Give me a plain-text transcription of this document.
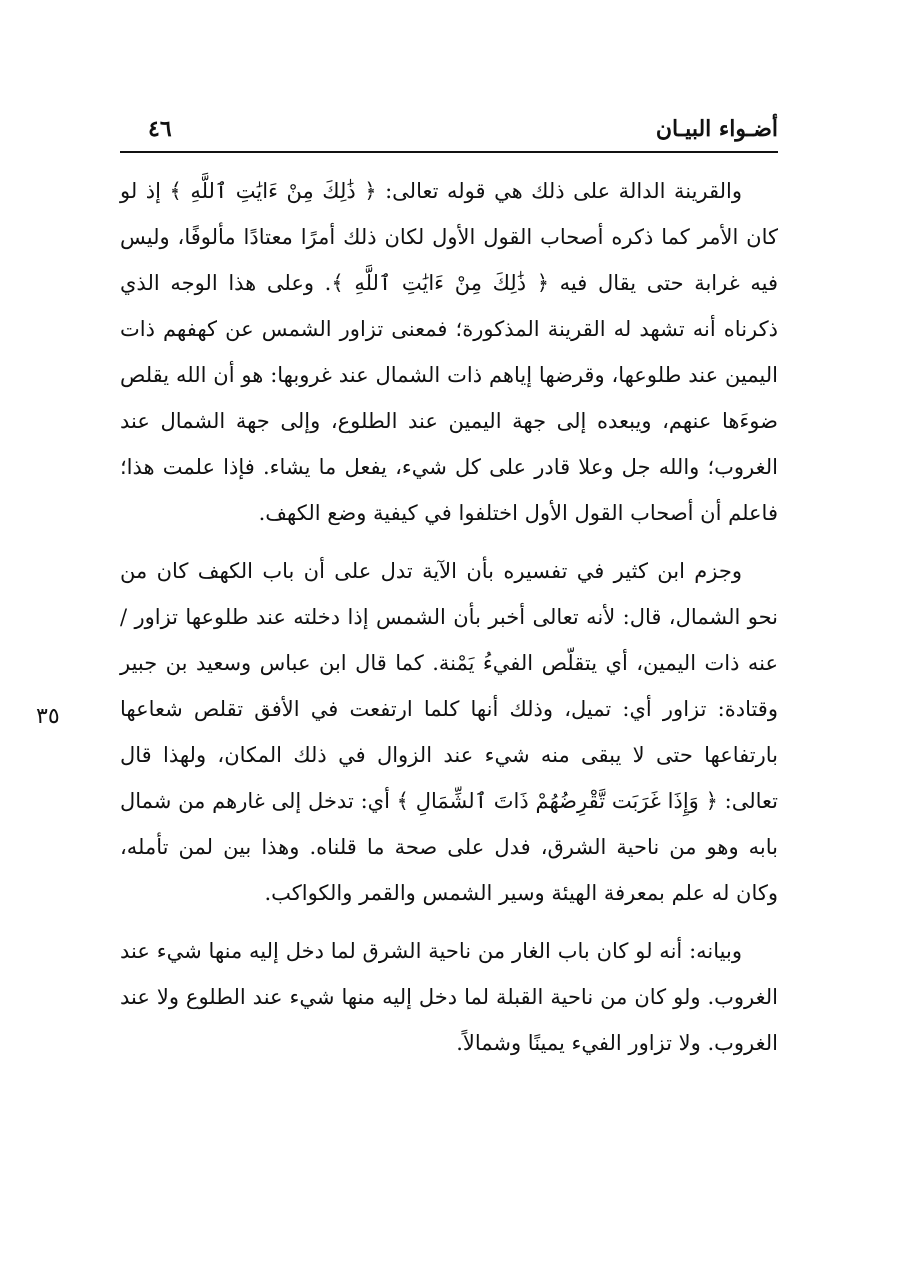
أضـواء البيـان
٤٦
٣٥

والقرينة الدالة على ذلك هي قوله تعالى: ﴿ ذَٰلِكَ مِنْ ءَايَٰتِ ٱللَّهِ ﴾ إذ لو كان الأمر كما ذكره أصحاب القول الأول لكان ذلك أمرًا معتادًا مألوفًا، وليس فيه غرابة حتى يقال فيه ﴿ ذَٰلِكَ مِنْ ءَايَٰتِ ٱللَّهِ ﴾. وعلى هذا الوجه الذي ذكرناه أنه تشهد له القرينة المذكورة؛ فمعنى تزاور الشمس عن كهفهم ذات اليمين عند طلوعها، وقرضها إياهم ذات الشمال عند غروبها: هو أن الله يقلص ضوءَها عنهم، ويبعده إلى جهة اليمين عند الطلوع، وإلى جهة الشمال عند الغروب؛ والله جل وعلا قادر على كل شيء، يفعل ما يشاء. فإذا علمت هذا؛ فاعلم أن أصحاب القول الأول اختلفوا في كيفية وضع الكهف.

وجزم ابن كثير في تفسيره بأن الآية تدل على أن باب الكهف كان من نحو الشمال، قال: لأنه تعالى أخبر بأن الشمس إذا دخلته عند طلوعها تزاور / عنه ذات اليمين، أي يتقلّص الفيءُ يَمْنة. كما قال ابن عباس وسعيد بن جبير وقتادة: تزاور أي: تميل، وذلك أنها كلما ارتفعت في الأفق تقلص شعاعها بارتفاعها حتى لا يبقى منه شيء عند الزوال في ذلك المكان، ولهذا قال تعالى: ﴿ وَإِذَا غَرَبَت تَّقْرِضُهُمْ ذَاتَ ٱلشِّمَالِ ﴾ أي: تدخل إلى غارهم من شمال بابه وهو من ناحية الشرق، فدل على صحة ما قلناه. وهذا بين لمن تأمله، وكان له علم بمعرفة الهيئة وسير الشمس والقمر والكواكب.

وبيانه: أنه لو كان باب الغار من ناحية الشرق لما دخل إليه منها شيء عند الغروب. ولو كان من ناحية القبلة لما دخل إليه منها شيء عند الطلوع ولا عند الغروب. ولا تزاور الفيء يمينًا وشمالاً.
